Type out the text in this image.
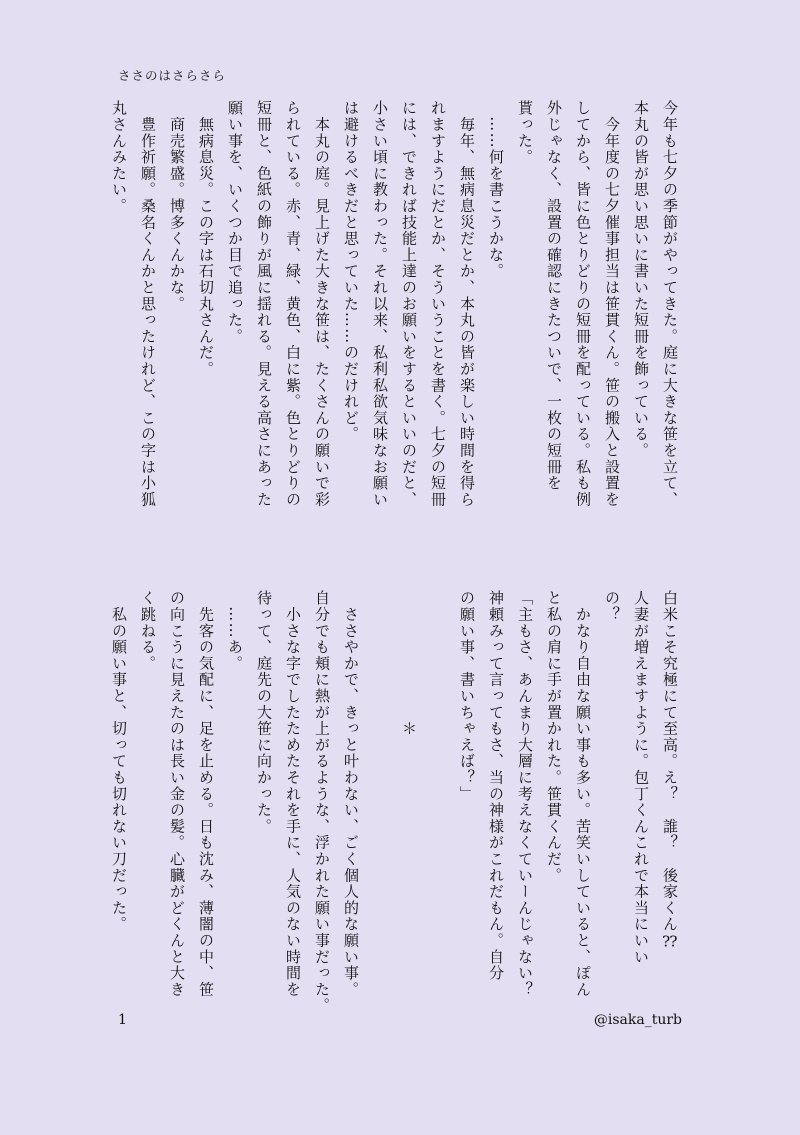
ささのはさらさら
今年も七夕の季節がやってきた。庭に大きな笹を立て、
本丸の皆が思い思いに書いた短冊を飾っている。
　今年度の七夕催事担当は笹貫くん。笹の搬入と設置を
してから、皆に色とりどりの短冊を配っている。私も例
外じゃなく、設置の確認にきたついで、一枚の短冊を
貰った。
　……何を書こうかな。
　毎年、無病息災だとか、本丸の皆が楽しい時間を得ら
れますようにだとか、そういうことを書く。七夕の短冊
には、できれば技能上達のお願いをするといいのだと、
小さい頃に教わった。それ以来、私利私欲気味なお願い
は避けるべきだと思っていた……のだけれど。
　本丸の庭。見上げた大きな笹は、たくさんの願いで彩
られている。赤、青、緑、黄色、白に紫。色とりどりの
短冊と、色紙の飾りが風に揺れる。見える高さにあった
願い事を、いくつか目で追った。
　無病息災。この字は石切丸さんだ。
　商売繁盛。博多くんかな。
　豊作祈願。桑名くんかと思ったけれど、この字は小狐
丸さんみたい。
白米こそ究極にて至高。え？　誰？　後家くん⁇
人妻が増えますように。包丁くんこれで本当にいい
の？
　かなり自由な願い事も多い。苦笑いしていると、ぽん
と私の肩に手が置かれた。笹貫くんだ。
「主もさ、あんまり大層に考えなくていーんじゃない？
神頼みって言ってもさ、当の神様がこれだもん。自分
の願い事、書いちゃえば？」

　　　　　　　　＊

　ささやかで、きっと叶わない、ごく個人的な願い事。
自分でも頬に熱が上がるような、浮かれた願い事だった。
　小さな字でしたためたそれを手に、人気のない時間を
待って、庭先の大笹に向かった。
　……あ。
　先客の気配に、足を止める。日も沈み、薄闇の中、笹
の向こうに見えたのは長い金の髪。心臓がどくんと大き
く跳ねる。
　私の願い事と、切っても切れない刀だった。
1	@isaka_turb
